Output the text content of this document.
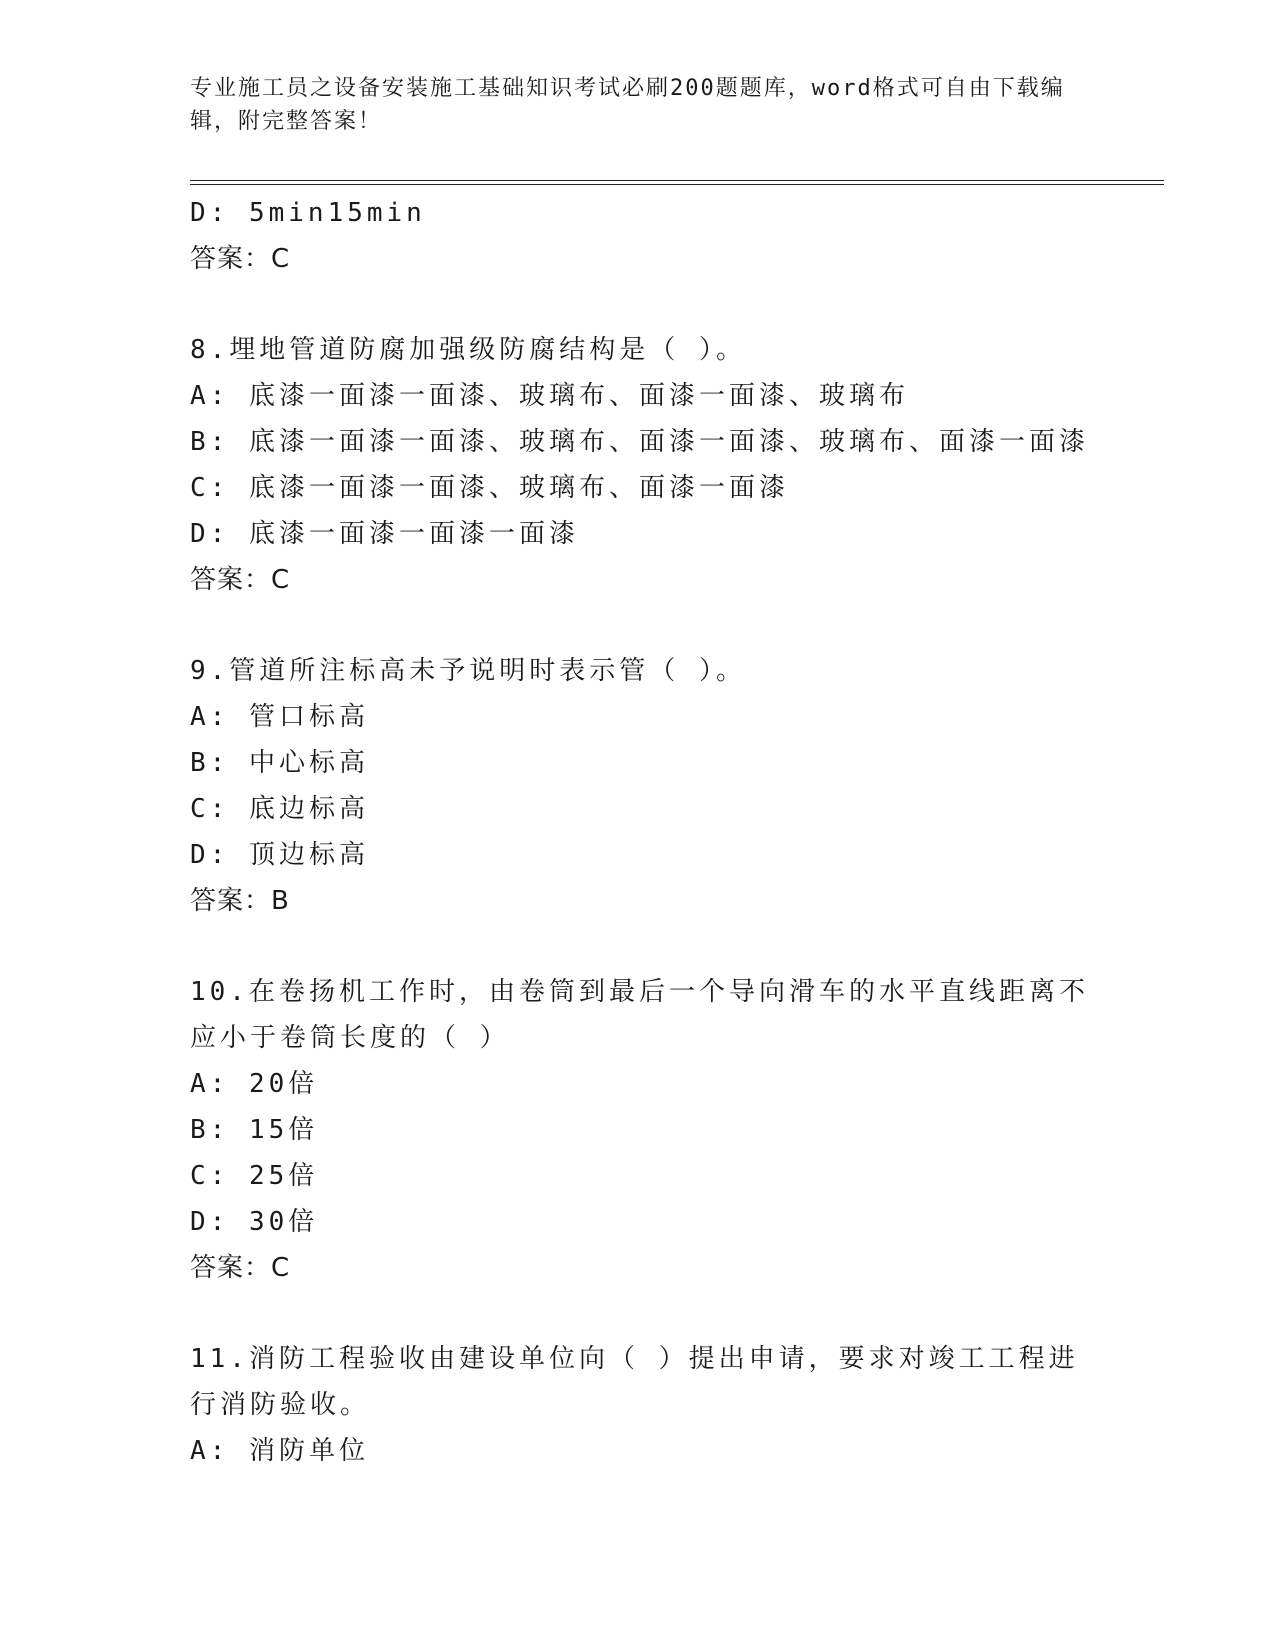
专业施工员之设备安装施工基础知识考试必刷200题题库，word格式可自由下载编辑，附完整答案！
D: 5min15min
答案：C
8.埋地管道防腐加强级防腐结构是（ ）。
A: 底漆一面漆一面漆、玻璃布、面漆一面漆、玻璃布
B: 底漆一面漆一面漆、玻璃布、面漆一面漆、玻璃布、面漆一面漆
C: 底漆一面漆一面漆、玻璃布、面漆一面漆
D: 底漆一面漆一面漆一面漆
答案：C
9.管道所注标高未予说明时表示管（ ）。
A: 管口标高
B: 中心标高
C: 底边标高
D: 顶边标高
答案：B
10.在卷扬机工作时，由卷筒到最后一个导向滑车的水平直线距离不应小于卷筒长度的（ ）
A: 20倍
B: 15倍
C: 25倍
D: 30倍
答案：C
11.消防工程验收由建设单位向（ ）提出申请，要求对竣工工程进行消防验收。
A: 消防单位
